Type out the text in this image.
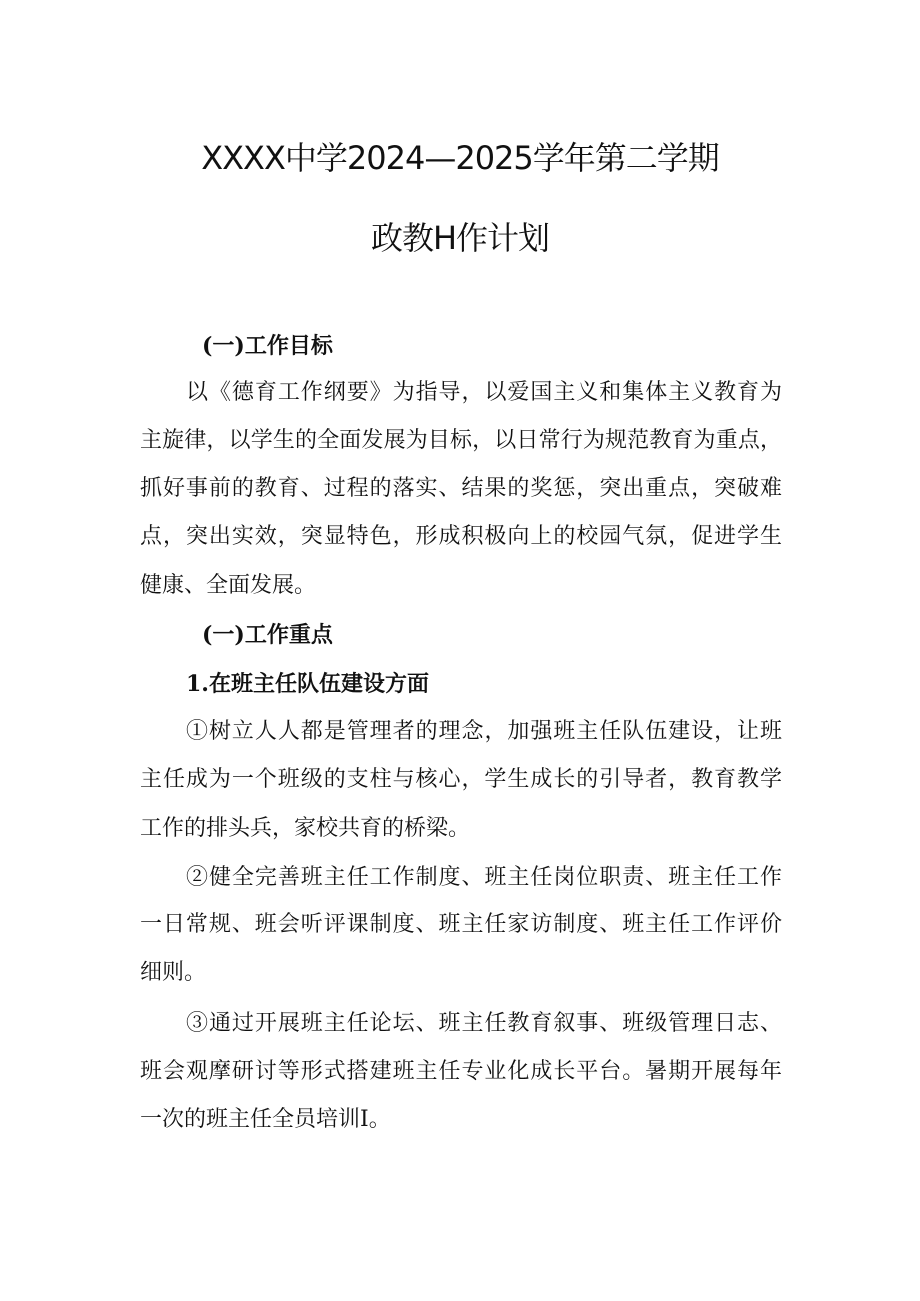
XXXX中学2024—2025学年第二学期
政教H作计划
(一)工作目标
以《德育工作纲要》为指导，以爱国主义和集体主义教育为
主旋律，以学生的全面发展为目标，以日常行为规范教育为重点，
抓好事前的教育、过程的落实、结果的奖惩，突出重点，突破难
点，突出实效，突显特色，形成积极向上的校园气氛，促进学生
健康、全面发展。
(一)工作重点
1.在班主任队伍建设方面
①树立人人都是管理者的理念，加强班主任队伍建设，让班
主任成为一个班级的支柱与核心，学生成长的引导者，教育教学
工作的排头兵，家校共育的桥梁。
②健全完善班主任工作制度、班主任岗位职责、班主任工作
一日常规、班会听评课制度、班主任家访制度、班主任工作评价
细则。
③通过开展班主任论坛、班主任教育叙事、班级管理日志、
班会观摩研讨等形式搭建班主任专业化成长平台。暑期开展每年
一次的班主任全员培训I。
